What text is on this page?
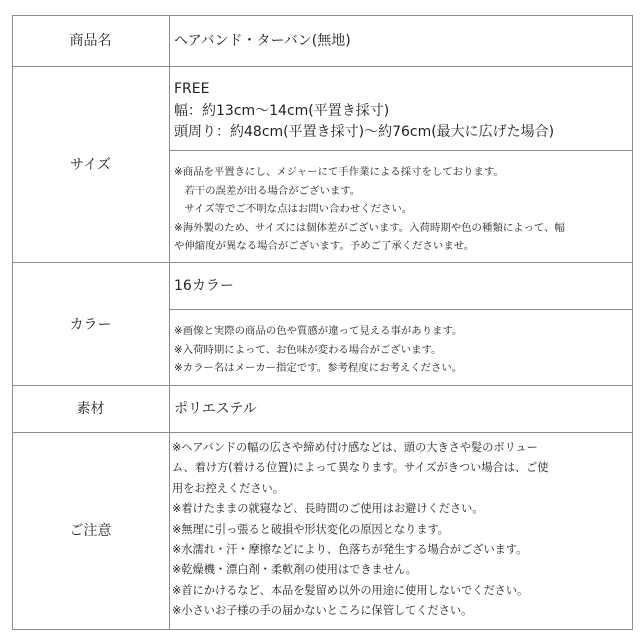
商品名	ヘアバンド・ターバン(無地)
サイズ
FREE
幅：約13cm〜14cm(平置き採寸)
頭周り：約48cm(平置き採寸)〜約76cm(最大に広げた場合)
※商品を平置きにし、メジャーにて手作業による採寸をしております。
　若干の誤差が出る場合がございます。
　サイズ等でご不明な点はお問い合わせください。
※海外製のため、サイズには個体差がございます。入荷時期や色の種類によって、幅
や伸縮度が異なる場合がございます。予めご了承くださいませ。
カラー
16カラー
※画像と実際の商品の色や質感が違って見える事があります。
※入荷時期によって、お色味が変わる場合がございます。
※カラー名はメーカー指定です。参考程度にお考えください。
素材	ポリエステル
ご注意
※ヘアバンドの幅の広さや締め付け感などは、頭の大きさや髪のボリュー
ム、着け方(着ける位置)によって異なります。サイズがきつい場合は、ご使
用をお控えください。
※着けたままの就寝など、長時間のご使用はお避けください。
※無理に引っ張ると破損や形状変化の原因となります。
※水濡れ・汗・摩擦などにより、色落ちが発生する場合がございます。
※乾燥機・漂白剤・柔軟剤の使用はできません。
※首にかけるなど、本品を髪留め以外の用途に使用しないでください。
※小さいお子様の手の届かないところに保管してください。
